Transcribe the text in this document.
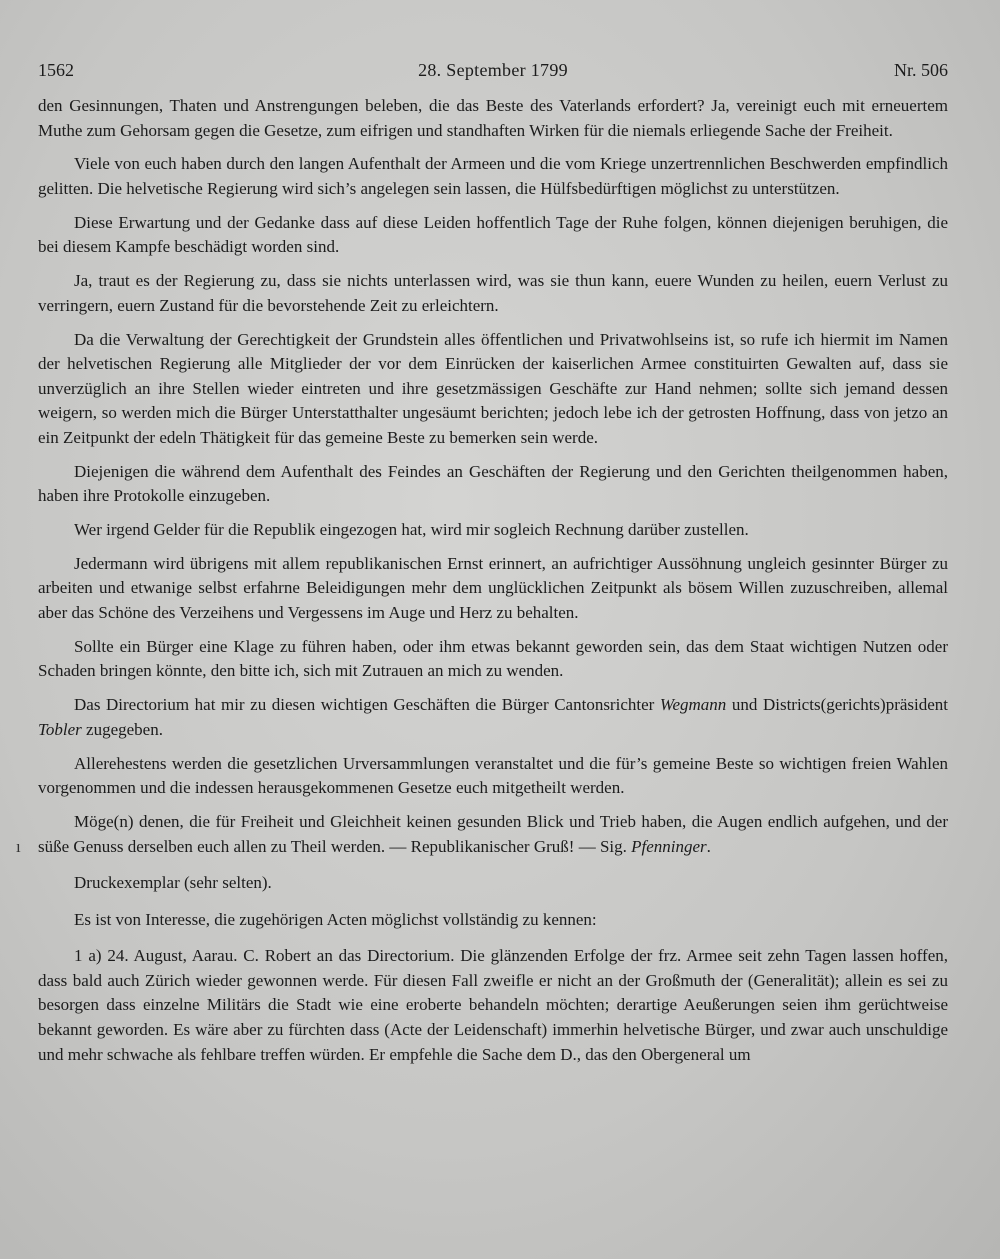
1562	28. September 1799	Nr. 506
ı

den Gesinnungen, Thaten und Anstrengungen beleben, die das Beste des Vaterlands erfordert? Ja, vereinigt euch mit erneuertem Muthe zum Gehorsam gegen die Gesetze, zum eifrigen und standhaften Wirken für die niemals erliegende Sache der Freiheit.

Viele von euch haben durch den langen Aufenthalt der Armeen und die vom Kriege unzertrennlichen Beschwerden empfindlich gelitten. Die helvetische Regierung wird sich’s angelegen sein lassen, die Hülfsbedürftigen möglichst zu unterstützen.

Diese Erwartung und der Gedanke dass auf diese Leiden hoffentlich Tage der Ruhe folgen, können diejenigen beruhigen, die bei diesem Kampfe beschädigt worden sind.

Ja, traut es der Regierung zu, dass sie nichts unterlassen wird, was sie thun kann, euere Wunden zu heilen, euern Verlust zu verringern, euern Zustand für die bevorstehende Zeit zu erleichtern.

Da die Verwaltung der Gerechtigkeit der Grundstein alles öffentlichen und Privatwohlseins ist, so rufe ich hiermit im Namen der helvetischen Regierung alle Mitglieder der vor dem Einrücken der kaiserlichen Armee constituirten Gewalten auf, dass sie unverzüglich an ihre Stellen wieder eintreten und ihre gesetzmässigen Geschäfte zur Hand nehmen; sollte sich jemand dessen weigern, so werden mich die Bürger Unterstatthalter ungesäumt berichten; jedoch lebe ich der getrosten Hoffnung, dass von jetzo an ein Zeitpunkt der edeln Thätigkeit für das gemeine Beste zu bemerken sein werde.

Diejenigen die während dem Aufenthalt des Feindes an Geschäften der Regierung und den Gerichten theilgenommen haben, haben ihre Protokolle einzugeben.

Wer irgend Gelder für die Republik eingezogen hat, wird mir sogleich Rechnung darüber zustellen.

Jedermann wird übrigens mit allem republikanischen Ernst erinnert, an aufrichtiger Aussöhnung ungleich gesinnter Bürger zu arbeiten und etwanige selbst erfahrne Beleidigungen mehr dem unglücklichen Zeitpunkt als bösem Willen zuzuschreiben, allemal aber das Schöne des Verzeihens und Vergessens im Auge und Herz zu behalten.

Sollte ein Bürger eine Klage zu führen haben, oder ihm etwas bekannt geworden sein, das dem Staat wichtigen Nutzen oder Schaden bringen könnte, den bitte ich, sich mit Zutrauen an mich zu wenden.

Das Directorium hat mir zu diesen wichtigen Geschäften die Bürger Cantonsrichter Wegmann und Districts(gerichts)präsident Tobler zugegeben.

Allerehestens werden die gesetzlichen Urversammlungen veranstaltet und die für’s gemeine Beste so wichtigen freien Wahlen vorgenommen und die indessen herausgekommenen Gesetze euch mitgetheilt werden.

Möge(n) denen, die für Freiheit und Gleichheit keinen gesunden Blick und Trieb haben, die Augen endlich aufgehen, und der süße Genuss derselben euch allen zu Theil werden. — Republikanischer Gruß! — Sig. Pfenninger.

Druckexemplar (sehr selten).

Es ist von Interesse, die zugehörigen Acten möglichst vollständig zu kennen:

1 a) 24. August, Aarau. C. Robert an das Directorium. Die glänzenden Erfolge der frz. Armee seit zehn Tagen lassen hoffen, dass bald auch Zürich wieder gewonnen werde. Für diesen Fall zweifle er nicht an der Großmuth der (Generalität); allein es sei zu besorgen dass einzelne Militärs die Stadt wie eine eroberte behandeln möchten; derartige Aeußerungen seien ihm gerüchtweise bekannt geworden. Es wäre aber zu fürchten dass (Acte der Leidenschaft) immerhin helvetische Bürger, und zwar auch unschuldige und mehr schwache als fehlbare treffen würden. Er empfehle die Sache dem D., das den Obergeneral um
